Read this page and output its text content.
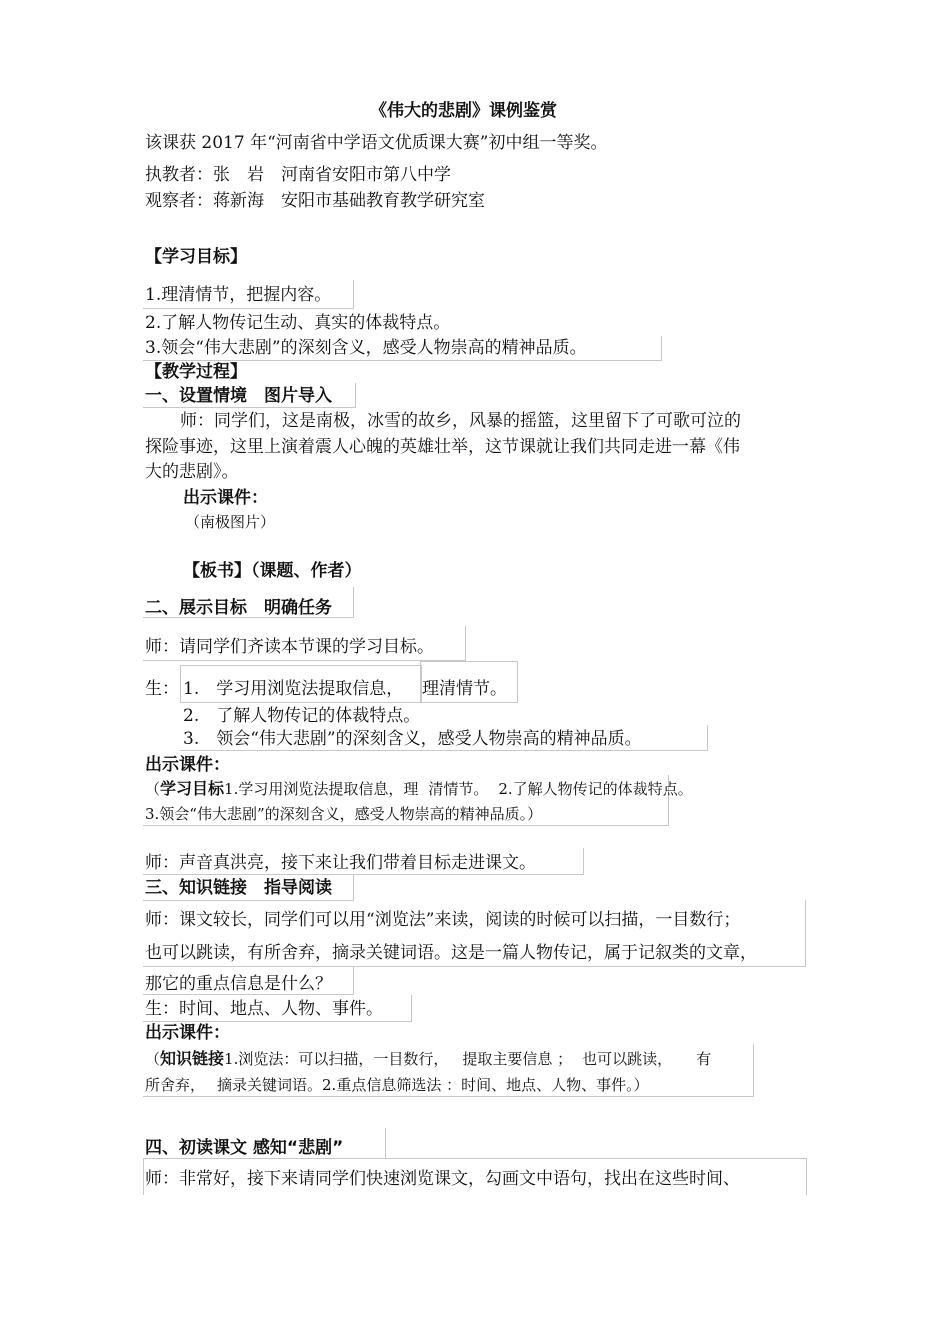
《伟大的悲剧》课例鉴赏
该课获 2017 年“河南省中学语文优质课大赛”初中组一等奖。
执教者：张　岩　河南省安阳市第八中学
观察者：蒋新海　安阳市基础教育教学研究室
【学习目标】
1.理清情节，把握内容。
2.了解人物传记生动、真实的体裁特点。
3.领会“伟大悲剧”的深刻含义，感受人物崇高的精神品质。
【教学过程】
一、设置情境　图片导入
师：同学们，这是南极，冰雪的故乡，风暴的摇篮，这里留下了可歌可泣的
探险事迹，这里上演着震人心魄的英雄壮举，这节课就让我们共同走进一幕《伟
大的悲剧》。
出示课件：
（南极图片）
【板书】（课题、作者）
二、展示目标　明确任务
师：请同学们齐读本节课的学习目标。
生： 1.　学习用浏览法提取信息， 理清情节。
2.　了解人物传记的体裁特点。
3.　领会“伟大悲剧”的深刻含义，感受人物崇高的精神品质。
出示课件：
（学习目标1.学习用浏览法提取信息，理 清情节。 2.了解人物传记的体裁特点。
3.领会“伟大悲剧”的深刻含义，感受人物崇高的精神品质。）
师：声音真洪亮，接下来让我们带着目标走进课文。
三、知识链接　指导阅读
师：课文较长，同学们可以用“浏览法”来读，阅读的时候可以扫描，一目数行；
也可以跳读，有所舍弃，摘录关键词语。这是一篇人物传记，属于记叙类的文章，
那它的重点信息是什么？
生：时间、地点、人物、事件。
出示课件：
（知识链接1.浏览法：可以扫描，一目数行， 提取主要信息 ； 也可以跳读， 有
所舍弃， 摘录关键词语。2.重点信息筛选法 ：时间、地点、人物、事件。）
四、初读课文 感知“悲剧”
师：非常好，接下来请同学们快速浏览课文，勾画文中语句，找出在这些时间、
